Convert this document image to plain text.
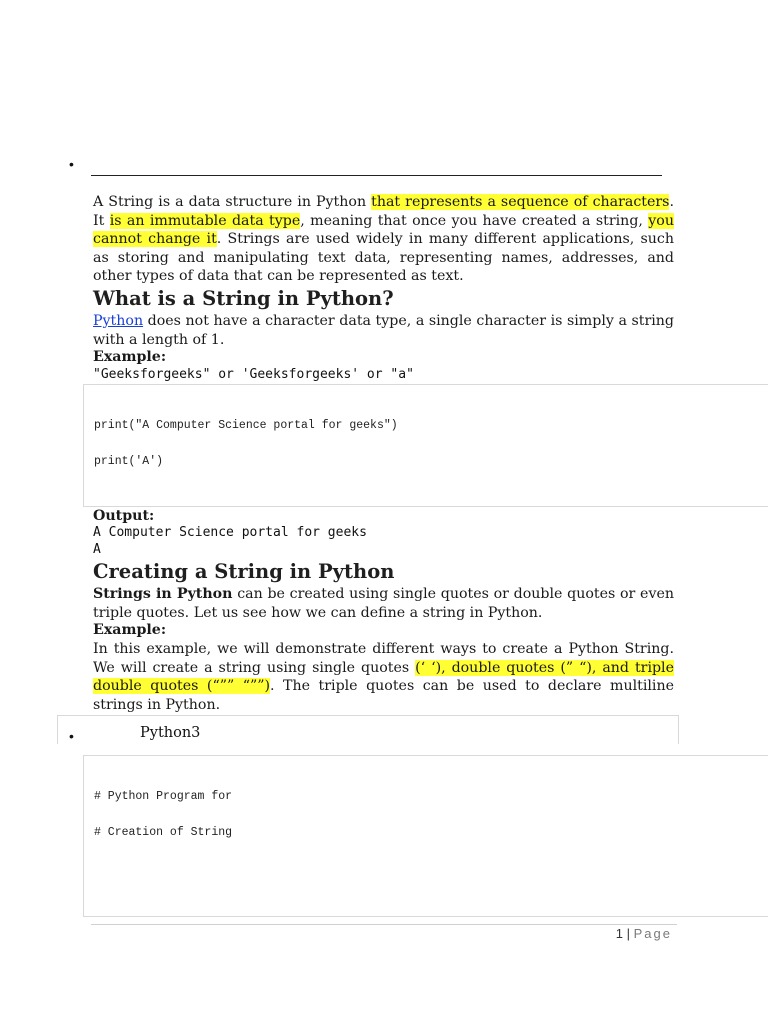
•
A String is a data structure in Python that represents a sequence of characters. It is an immutable data type, meaning that once you have created a string, you cannot change it. Strings are used widely in many different applications, such as storing and manipulating text data, representing names, addresses, and other types of data that can be represented as text.
What is a String in Python?
Python does not have a character data type, a single character is simply a string with a length of 1.
Example:
"Geeksforgeeks" or 'Geeksforgeeks' or "a"
print("A Computer Science portal for geeks")
print('A')
Output:
A Computer Science portal for geeks
A
Creating a String in Python
Strings in Python can be created using single quotes or double quotes or even triple quotes. Let us see how we can define a string in Python.
Example:
In this example, we will demonstrate different ways to create a Python String. We will create a string using single quotes (‘ ‘), double quotes (” “), and triple double quotes (“”” “””). The triple quotes can be used to declare multiline strings in Python.
•	Python3
# Python Program for
# Creation of String
1 | Page
